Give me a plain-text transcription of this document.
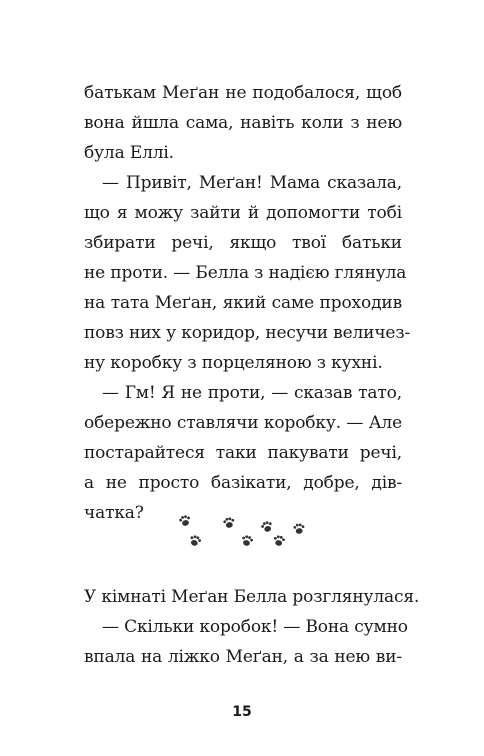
батькам Меґан не подобалося, щоб
вона йшла сама, навіть коли з нею
була Еллі.
— Привіт, Меґан! Мама сказала,
що я можу зайти й допомогти тобі
збирати речі, якщо твої батьки
не проти. — Белла з надією глянула
на тата Меґан, який саме проходив
повз них у коридор, несучи величез-
ну коробку з порцеляною з кухні.
— Гм! Я не проти, — сказав тато,
обережно ставлячи коробку. — Але
постарайтеся таки пакувати речі,
а не просто базікати, добре, дів-
чатка?
У кімнаті Меґан Белла розглянулася.
— Скільки коробок! — Вона сумно
впала на ліжко Меґан, а за нею ви-
15
